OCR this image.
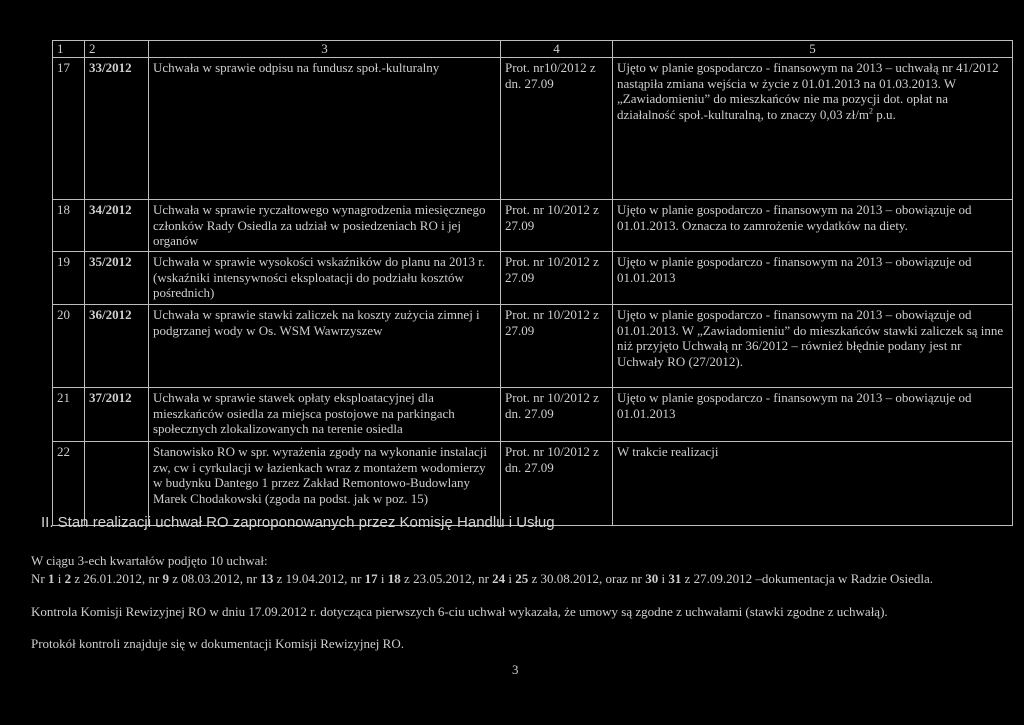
1	2	3	4	5
17	33/2012	Uchwała w sprawie odpisu na fundusz społ.-kulturalny	Prot. nr10/2012 z dn. 27.09	Ujęto w planie gospodarczo - finansowym na 2013 – uchwałą nr 41/2012 nastąpiła zmiana wejścia w życie z 01.01.2013 na 01.03.2013. W „Zawiadomieniu” do mieszkańców nie ma pozycji dot. opłat na działalność społ.-kulturalną, to znaczy 0,03 $zł/m^2$ p.u.
18	34/2012	Uchwała w sprawie ryczałtowego wynagrodzenia miesięcznego członków Rady Osiedla za udział w posiedzeniach RO i jej organów	Prot. nr 10/2012 z 27.09	Ujęto w planie gospodarczo - finansowym na 2013 – obowiązuje od 01.01.2013. Oznacza to zamrożenie wydatków na diety.
19	35/2012	Uchwała w sprawie wysokości wskaźników do planu na 2013 r. (wskaźniki intensywności eksploatacji do podziału kosztów pośrednich)	Prot. nr 10/2012 z 27.09	Ujęto w planie gospodarczo - finansowym na 2013 – obowiązuje od 01.01.2013
20	36/2012	Uchwała w sprawie stawki zaliczek na koszty zużycia zimnej i podgrzanej wody w Os. WSM Wawrzyszew	Prot. nr 10/2012 z 27.09	Ujęto w planie gospodarczo - finansowym na 2013 – obowiązuje od 01.01.2013. W „Zawiadomieniu” do mieszkańców stawki zaliczek są inne niż przyjęto Uchwałą nr 36/2012 – również błędnie podany jest nr Uchwały RO (27/2012).
21	37/2012	Uchwała w sprawie stawek opłaty eksploatacyjnej dla mieszkańców osiedla za miejsca postojowe na parkingach społecznych zlokalizowanych na terenie osiedla	Prot. nr 10/2012 z dn. 27.09	Ujęto w planie gospodarczo - finansowym na 2013 – obowiązuje od 01.01.2013
22		Stanowisko RO w spr. wyrażenia zgody na wykonanie instalacji zw, cw i cyrkulacji w łazienkach wraz z montażem wodomierzy w budynku Dantego 1 przez Zakład Remontowo-Budowlany Marek Chodakowski (zgoda na podst. jak w poz. 15)	Prot. nr 10/2012 z dn. 27.09	W trakcie realizacji
II. Stan realizacji uchwał RO zaproponowanych przez Komisję Handlu i Usług
W ciągu 3-ech kwartałów podjęto 10 uchwał:
Nr 1 i 2 z 26.01.2012, nr 9 z 08.03.2012, nr 13 z 19.04.2012, nr 17 i 18 z 23.05.2012, nr 24 i 25 z 30.08.2012, oraz nr 30 i 31 z 27.09.2012 –dokumentacja w Radzie Osiedla.
Kontrola Komisji Rewizyjnej RO w dniu 17.09.2012 r. dotycząca pierwszych 6-ciu uchwał wykazała, że umowy są zgodne z uchwałami (stawki zgodne z uchwałą).
Protokół kontroli znajduje się w dokumentacji Komisji Rewizyjnej RO.
3
